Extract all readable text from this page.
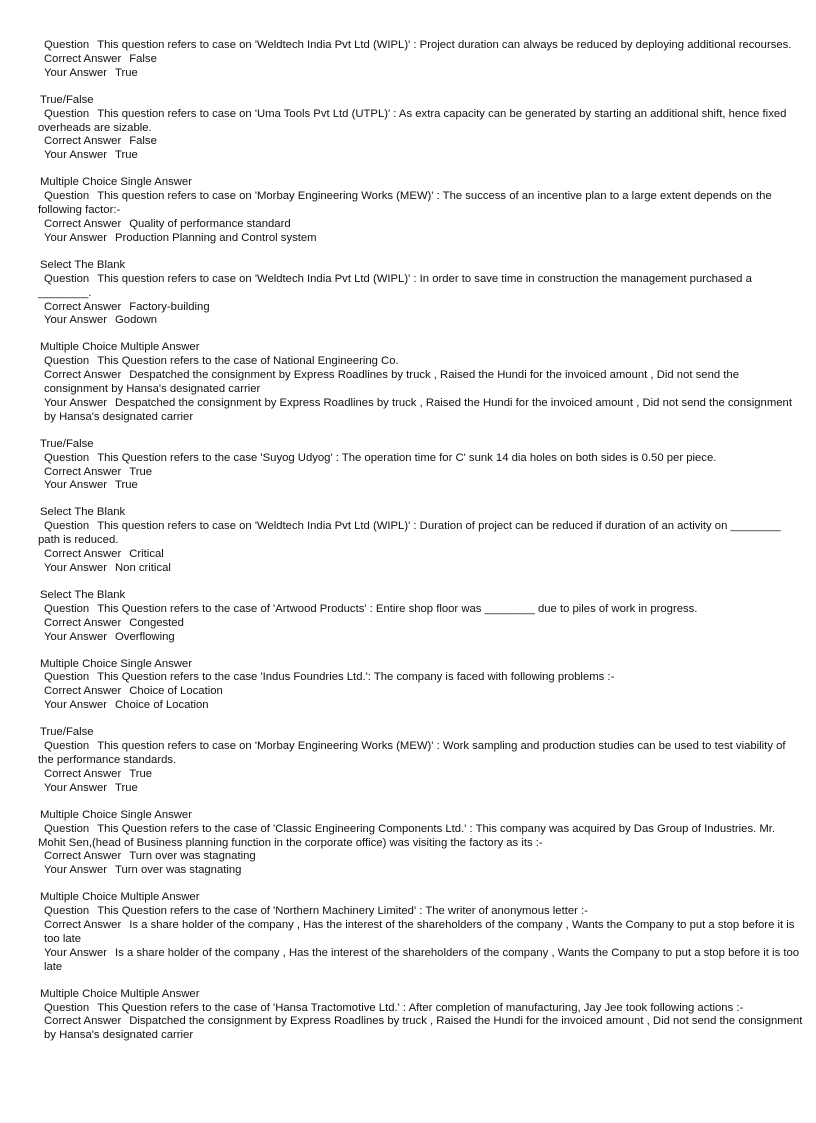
Question This question refers to case on 'Weldtech India Pvt Ltd (WIPL)' : Project duration can always be reduced by deploying additional recourses.
Correct Answer False
Your Answer True
True/False
Question This question refers to case on 'Uma Tools Pvt Ltd (UTPL)' : As extra capacity can be generated by starting an additional shift, hence fixed overheads are sizable.
Correct Answer False
Your Answer True
Multiple Choice Single Answer
Question This question refers to case on 'Morbay Engineering Works (MEW)' : The success of an incentive plan to a large extent depends on the following factor:-
Correct Answer Quality of performance standard
Your Answer Production Planning and Control system
Select The Blank
Question This question refers to case on 'Weldtech India Pvt Ltd (WIPL)' : In order to save time in construction the management purchased a ________.
Correct Answer Factory-building
Your Answer Godown
Multiple Choice Multiple Answer
Question This Question refers to the case of National Engineering Co.
Correct Answer Despatched the consignment by Express Roadlines by truck , Raised the Hundi for the invoiced amount , Did not send the consignment by Hansa's designated carrier
Your Answer Despatched the consignment by Express Roadlines by truck , Raised the Hundi for the invoiced amount , Did not send the consignment by Hansa's designated carrier
True/False
Question This Question refers to the case 'Suyog Udyog' : The operation time for C' sunk 14 dia holes on both sides is 0.50 per piece.
Correct Answer True
Your Answer True
Select The Blank
Question This question refers to case on 'Weldtech India Pvt Ltd (WIPL)' : Duration of project can be reduced if duration of an activity on ________ path is reduced.
Correct Answer Critical
Your Answer Non critical
Select The Blank
Question This Question refers to the case of 'Artwood Products' : Entire shop floor was ________ due to piles of work in progress.
Correct Answer Congested
Your Answer Overflowing
Multiple Choice Single Answer
Question This Question refers to the case 'Indus Foundries Ltd.': The company is faced with following problems :-
Correct Answer Choice of Location
Your Answer Choice of Location
True/False
Question This question refers to case on 'Morbay Engineering Works (MEW)' : Work sampling and production studies can be used to test viability of the performance standards.
Correct Answer True
Your Answer True
Multiple Choice Single Answer
Question This Question refers to the case of 'Classic Engineering Components Ltd.' : This company was acquired by Das Group of Industries. Mr. Mohit Sen,(head of Business planning function in the corporate office) was visiting the factory as its :-
Correct Answer Turn over was stagnating
Your Answer Turn over was stagnating
Multiple Choice Multiple Answer
Question This Question refers to the case of 'Northern Machinery Limited' : The writer of anonymous letter :-
Correct Answer Is a share holder of the company , Has the interest of the shareholders of the company , Wants the Company to put a stop before it is too late
Your Answer Is a share holder of the company , Has the interest of the shareholders of the company , Wants the Company to put a stop before it is too late
Multiple Choice Multiple Answer
Question This Question refers to the case of 'Hansa Tractomotive Ltd.' : After completion of manufacturing, Jay Jee took following actions :-
Correct Answer Dispatched the consignment by Express Roadlines by truck , Raised the Hundi for the invoiced amount , Did not send the consignment by Hansa's designated carrier
